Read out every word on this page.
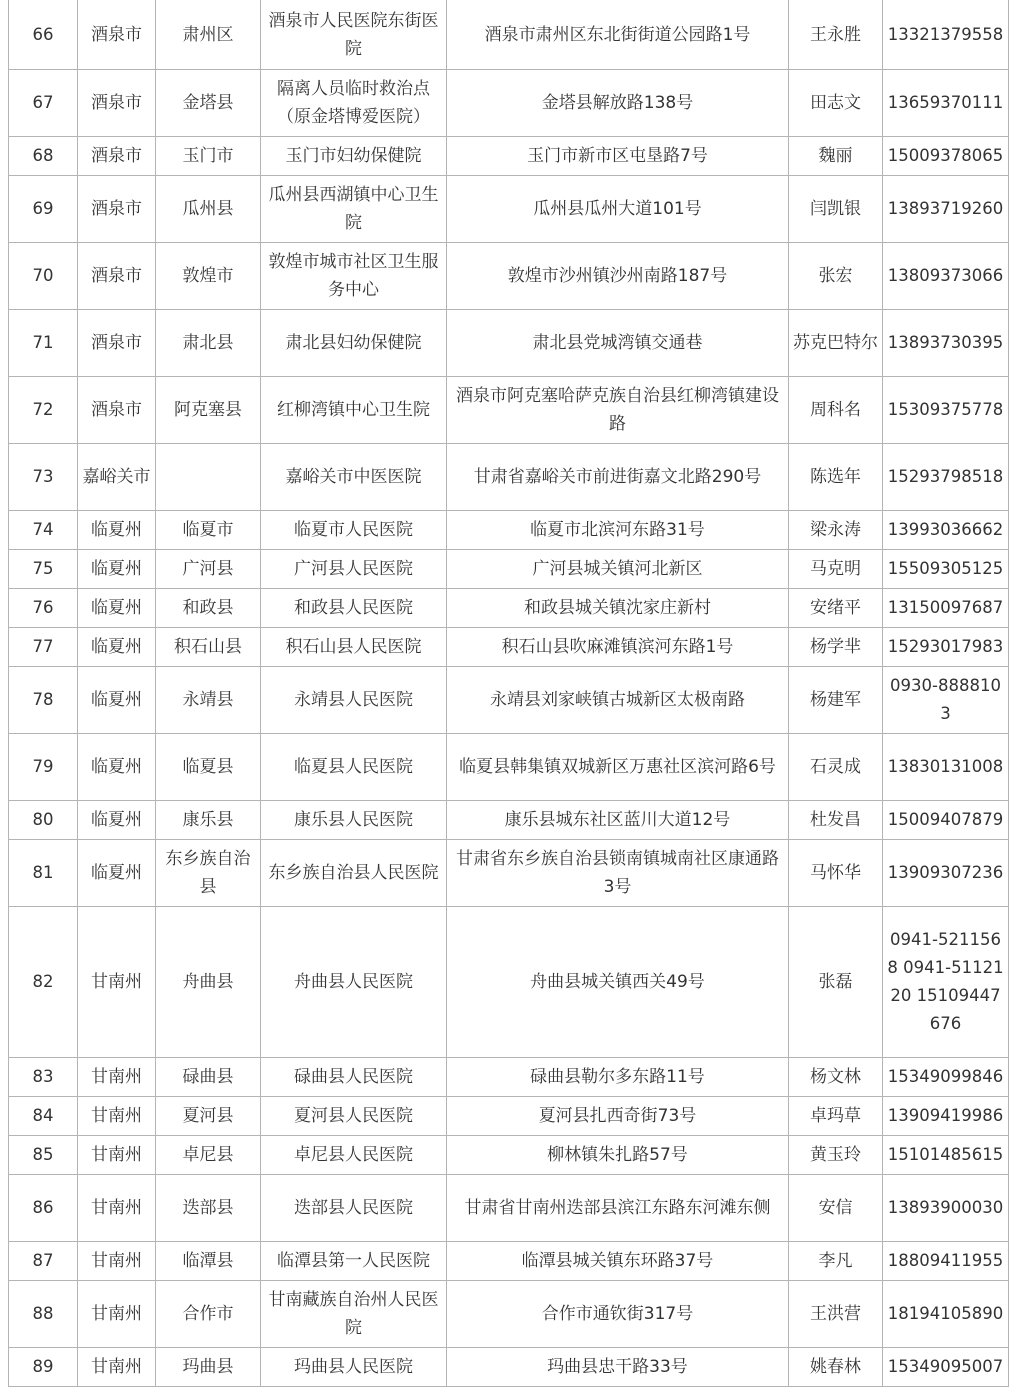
66	酒泉市	肃州区	酒泉市人民医院东街医院	酒泉市肃州区东北街街道公园路1号	王永胜	13321379558
67	酒泉市	金塔县	隔离人员临时救治点（原金塔博爱医院）	金塔县解放路138号	田志文	13659370111
68	酒泉市	玉门市	玉门市妇幼保健院	玉门市新市区屯垦路7号	魏丽	15009378065
69	酒泉市	瓜州县	瓜州县西湖镇中心卫生院	瓜州县瓜州大道101号	闫凯银	13893719260
70	酒泉市	敦煌市	敦煌市城市社区卫生服务中心	敦煌市沙州镇沙州南路187号	张宏	13809373066
71	酒泉市	肃北县	肃北县妇幼保健院	肃北县党城湾镇交通巷	苏克巴特尔	13893730395
72	酒泉市	阿克塞县	红柳湾镇中心卫生院	酒泉市阿克塞哈萨克族自治县红柳湾镇建设路	周科名	15309375778
73	嘉峪关市		嘉峪关市中医医院	甘肃省嘉峪关市前进街嘉文北路290号	陈选年	15293798518
74	临夏州	临夏市	临夏市人民医院	临夏市北滨河东路31号	梁永涛	13993036662
75	临夏州	广河县	广河县人民医院	广河县城关镇河北新区	马克明	15509305125
76	临夏州	和政县	和政县人民医院	和政县城关镇沈家庄新村	安绪平	13150097687
77	临夏州	积石山县	积石山县人民医院	积石山县吹麻滩镇滨河东路1号	杨学芈	15293017983
78	临夏州	永靖县	永靖县人民医院	永靖县刘家峡镇古城新区太极南路	杨建军	0930-8888103
79	临夏州	临夏县	临夏县人民医院	临夏县韩集镇双城新区万惠社区滨河路6号	石灵成	13830131008
80	临夏州	康乐县	康乐县人民医院	康乐县城东社区蓝川大道12号	杜发昌	15009407879
81	临夏州	东乡族自治县	东乡族自治县人民医院	甘肃省东乡族自治县锁南镇城南社区康通路3号	马怀华	13909307236
82	甘南州	舟曲县	舟曲县人民医院	舟曲县城关镇西关49号	张磊	0941-5211568 0941-5112120 15109447676
83	甘南州	碌曲县	碌曲县人民医院	碌曲县勒尔多东路11号	杨文林	15349099846
84	甘南州	夏河县	夏河县人民医院	夏河县扎西奇街73号	卓玛草	13909419986
85	甘南州	卓尼县	卓尼县人民医院	柳林镇朱扎路57号	黄玉玲	15101485615
86	甘南州	迭部县	迭部县人民医院	甘肃省甘南州迭部县滨江东路东河滩东侧	安信	13893900030
87	甘南州	临潭县	临潭县第一人民医院	临潭县城关镇东环路37号	李凡	18809411955
88	甘南州	合作市	甘南藏族自治州人民医院	合作市通钦街317号	王洪营	18194105890
89	甘南州	玛曲县	玛曲县人民医院	玛曲县忠干路33号	姚春林	15349095007
